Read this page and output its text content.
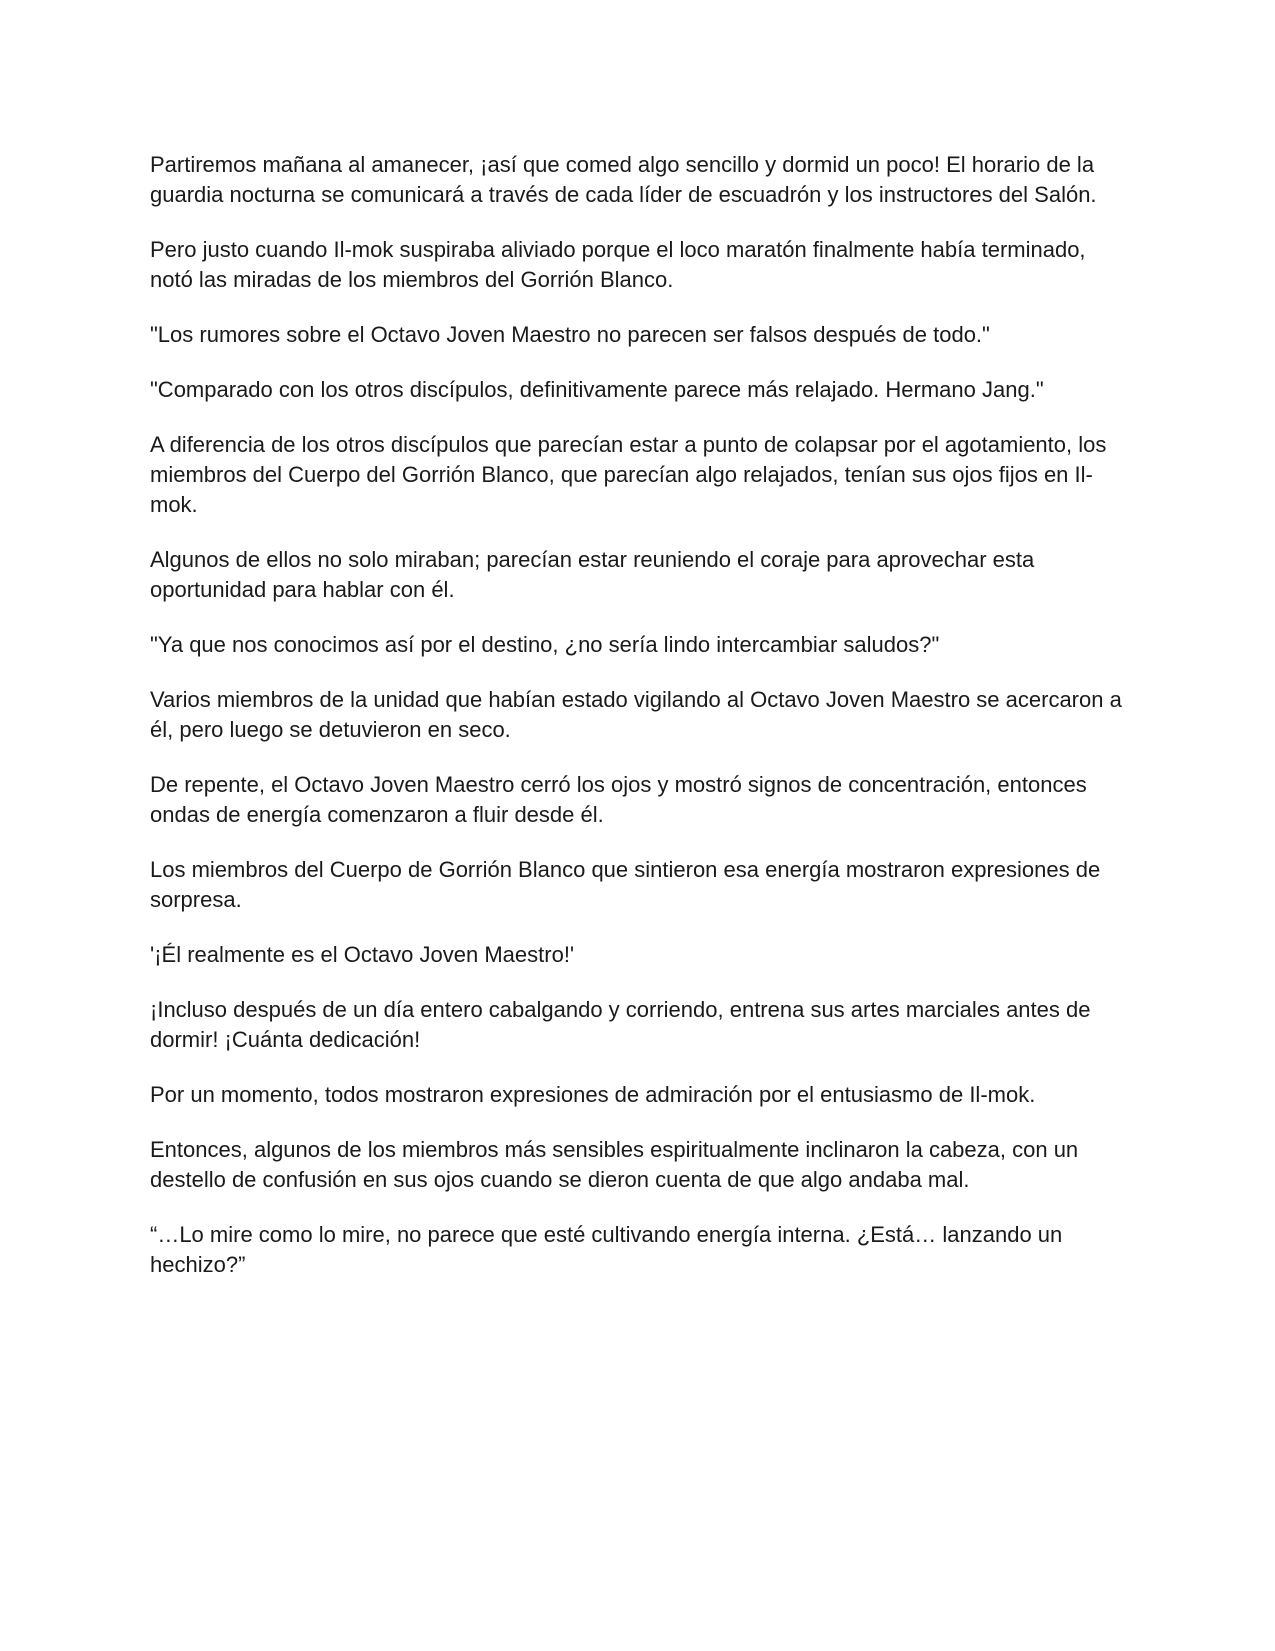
Partiremos mañana al amanecer, ¡así que comed algo sencillo y dormid un poco! El horario de la guardia nocturna se comunicará a través de cada líder de escuadrón y los instructores del Salón.

Pero justo cuando Il-mok suspiraba aliviado porque el loco maratón finalmente había terminado, notó las miradas de los miembros del Gorrión Blanco.

"Los rumores sobre el Octavo Joven Maestro no parecen ser falsos después de todo."

"Comparado con los otros discípulos, definitivamente parece más relajado. Hermano Jang."

A diferencia de los otros discípulos que parecían estar a punto de colapsar por el agotamiento, los miembros del Cuerpo del Gorrión Blanco, que parecían algo relajados, tenían sus ojos fijos en Il-mok.

Algunos de ellos no solo miraban; parecían estar reuniendo el coraje para aprovechar esta oportunidad para hablar con él.

"Ya que nos conocimos así por el destino, ¿no sería lindo intercambiar saludos?"

Varios miembros de la unidad que habían estado vigilando al Octavo Joven Maestro se acercaron a él, pero luego se detuvieron en seco.

De repente, el Octavo Joven Maestro cerró los ojos y mostró signos de concentración, entonces ondas de energía comenzaron a fluir desde él.

Los miembros del Cuerpo de Gorrión Blanco que sintieron esa energía mostraron expresiones de sorpresa.

'¡Él realmente es el Octavo Joven Maestro!'

¡Incluso después de un día entero cabalgando y corriendo, entrena sus artes marciales antes de dormir! ¡Cuánta dedicación!

Por un momento, todos mostraron expresiones de admiración por el entusiasmo de Il-mok.

Entonces, algunos de los miembros más sensibles espiritualmente inclinaron la cabeza, con un destello de confusión en sus ojos cuando se dieron cuenta de que algo andaba mal.

“…Lo mire como lo mire, no parece que esté cultivando energía interna. ¿Está… lanzando un hechizo?”
